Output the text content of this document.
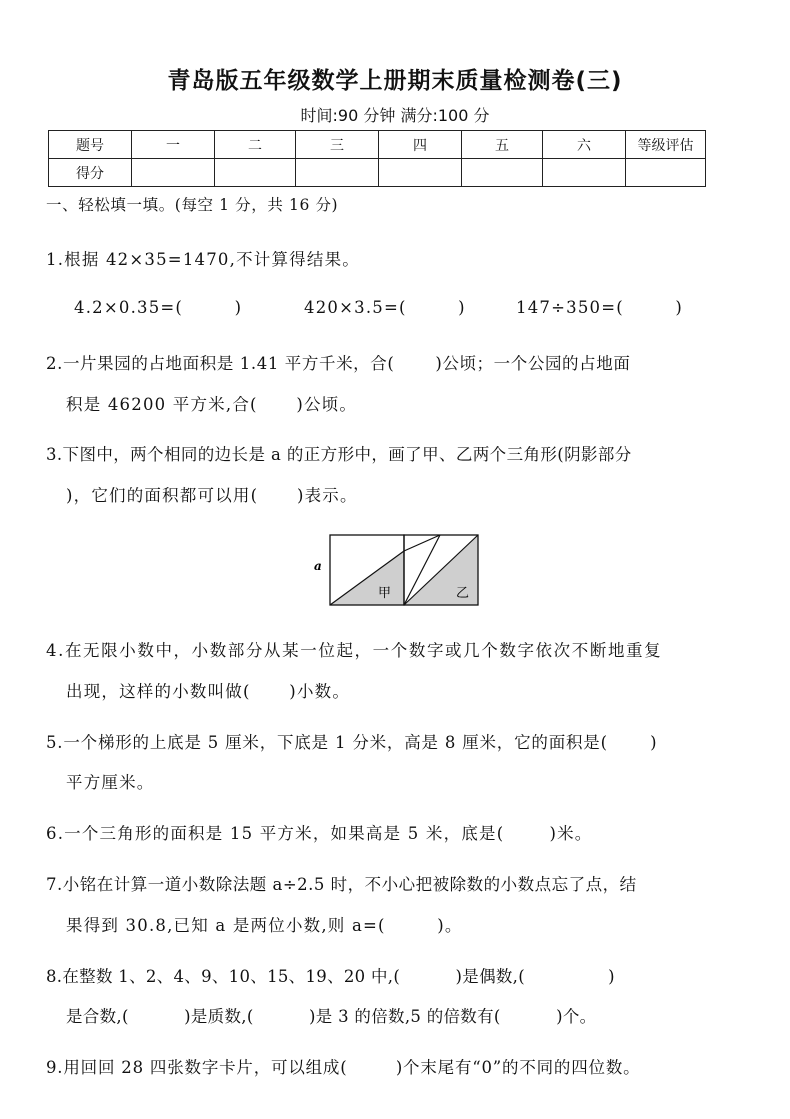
青岛版五年级数学上册期末质量检测卷(三)
时间:90 分钟 满分:100 分
题号	一	二	三	四	五	六	等级评估
得分							
一、轻松填一填。(每空 1 分，共 16 分)
1.根据 42×35=1470,不计算得结果。
4.2×0.35=(        )	420×3.5=(        )	147÷350=(        )
2.一片果园的占地面积是 1.41 平方千米，合(       )公顷；一个公园的占地面
积是 46200 平方米,合(      )公顷。
3.下图中，两个相同的边长是 a 的正方形中，画了甲、乙两个三角形(阴影部分
)，它们的面积都可以用(      )表示。
a
甲	乙
4.在无限小数中，小数部分从某一位起，一个数字或几个数字依次不断地重复
出现，这样的小数叫做(      )小数。
5.一个梯形的上底是 5 厘米，下底是 1 分米，高是 8 厘米，它的面积是(       )
平方厘米。
6.一个三角形的面积是 15 平方米，如果高是 5 米，底是(       )米。
7.小铭在计算一道小数除法题 a÷2.5 时，不小心把被除数的小数点忘了点，结
果得到 30.8,已知 a 是两位小数,则 a=(        )。
8.在整数 1、2、4、9、10、15、19、20 中,(          )是偶数,(               )
是合数,(          )是质数,(          )是 3 的倍数,5 的倍数有(          )个。
9.用回回 28 四张数字卡片，可以组成(        )个末尾有“0”的不同的四位数。
